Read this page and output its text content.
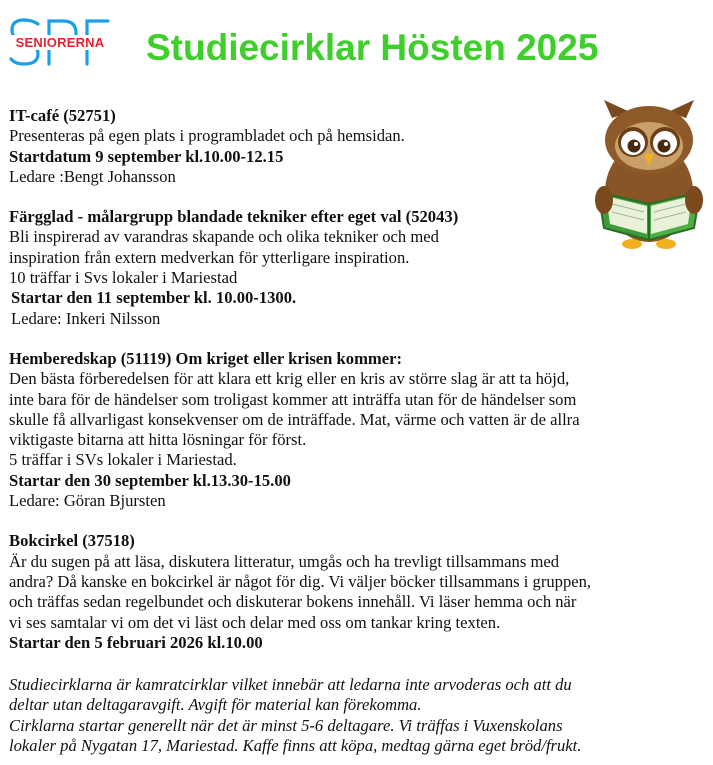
SENIORERNA Studiecirklar Hösten 2025
IT-café (52751)
Presenteras på egen plats i programbladet och på hemsidan.
Startdatum 9 september kl.10.00-12.15
Ledare :Bengt Johansson
Färgglad - målargrupp blandade tekniker efter eget val (52043)
Bli inspirerad av varandras skapande och olika tekniker och med
inspiration från extern medverkan för ytterligare inspiration.
10 träffar i Svs lokaler i Mariestad
Startar den 11 september kl. 10.00-1300.
Ledare: Inkeri Nilsson
Hemberedskap (51119) Om kriget eller krisen kommer:
Den bästa förberedelsen för att klara ett krig eller en kris av större slag är att ta höjd,
inte bara för de händelser som troligast kommer att inträffa utan för de händelser som
skulle få allvarligast konsekvenser om de inträffade. Mat, värme och vatten är de allra
viktigaste bitarna att hitta lösningar för först.
5 träffar i SVs lokaler i Mariestad.
Startar den 30 september kl.13.30-15.00
Ledare: Göran Bjursten
Bokcirkel (37518)
Är du sugen på att läsa, diskutera litteratur, umgås och ha trevligt tillsammans med
andra? Då kanske en bokcirkel är något för dig. Vi väljer böcker tillsammans i gruppen,
och träffas sedan regelbundet och diskuterar bokens innehåll. Vi läser hemma och när
vi ses samtalar vi om det vi läst och delar med oss om tankar kring texten.
Startar den 5 februari 2026 kl.10.00
Studiecirklarna är kamratcirklar vilket innebär att ledarna inte arvoderas och att du
deltar utan deltagaravgift. Avgift för material kan förekomma.
Cirklarna startar generellt när det är minst 5-6 deltagare. Vi träffas i Vuxenskolans
lokaler på Nygatan 17, Mariestad. Kaffe finns att köpa, medtag gärna eget bröd/frukt.
